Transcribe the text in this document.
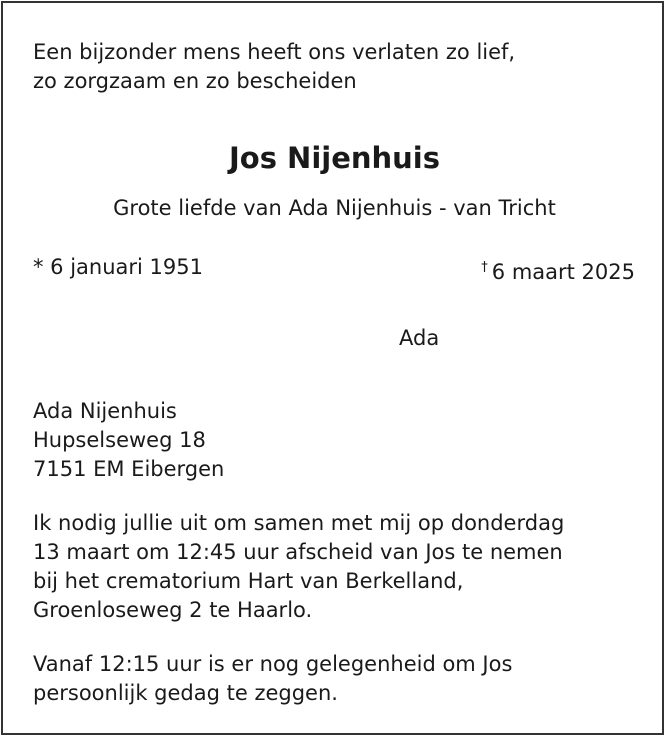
Een bijzonder mens heeft ons verlaten zo lief,
zo zorgzaam en zo bescheiden

Jos Nijenhuis

Grote liefde van Ada Nijenhuis - van Tricht

* 6 januari 1951	† 6 maart 2025

Ada

Ada Nijenhuis
Hupselseweg 18
7151 EM Eibergen

Ik nodig jullie uit om samen met mij op donderdag
13 maart om 12:45 uur afscheid van Jos te nemen
bij het crematorium Hart van Berkelland,
Groenloseweg 2 te Haarlo.

Vanaf 12:15 uur is er nog gelegenheid om Jos
persoonlijk gedag te zeggen.
